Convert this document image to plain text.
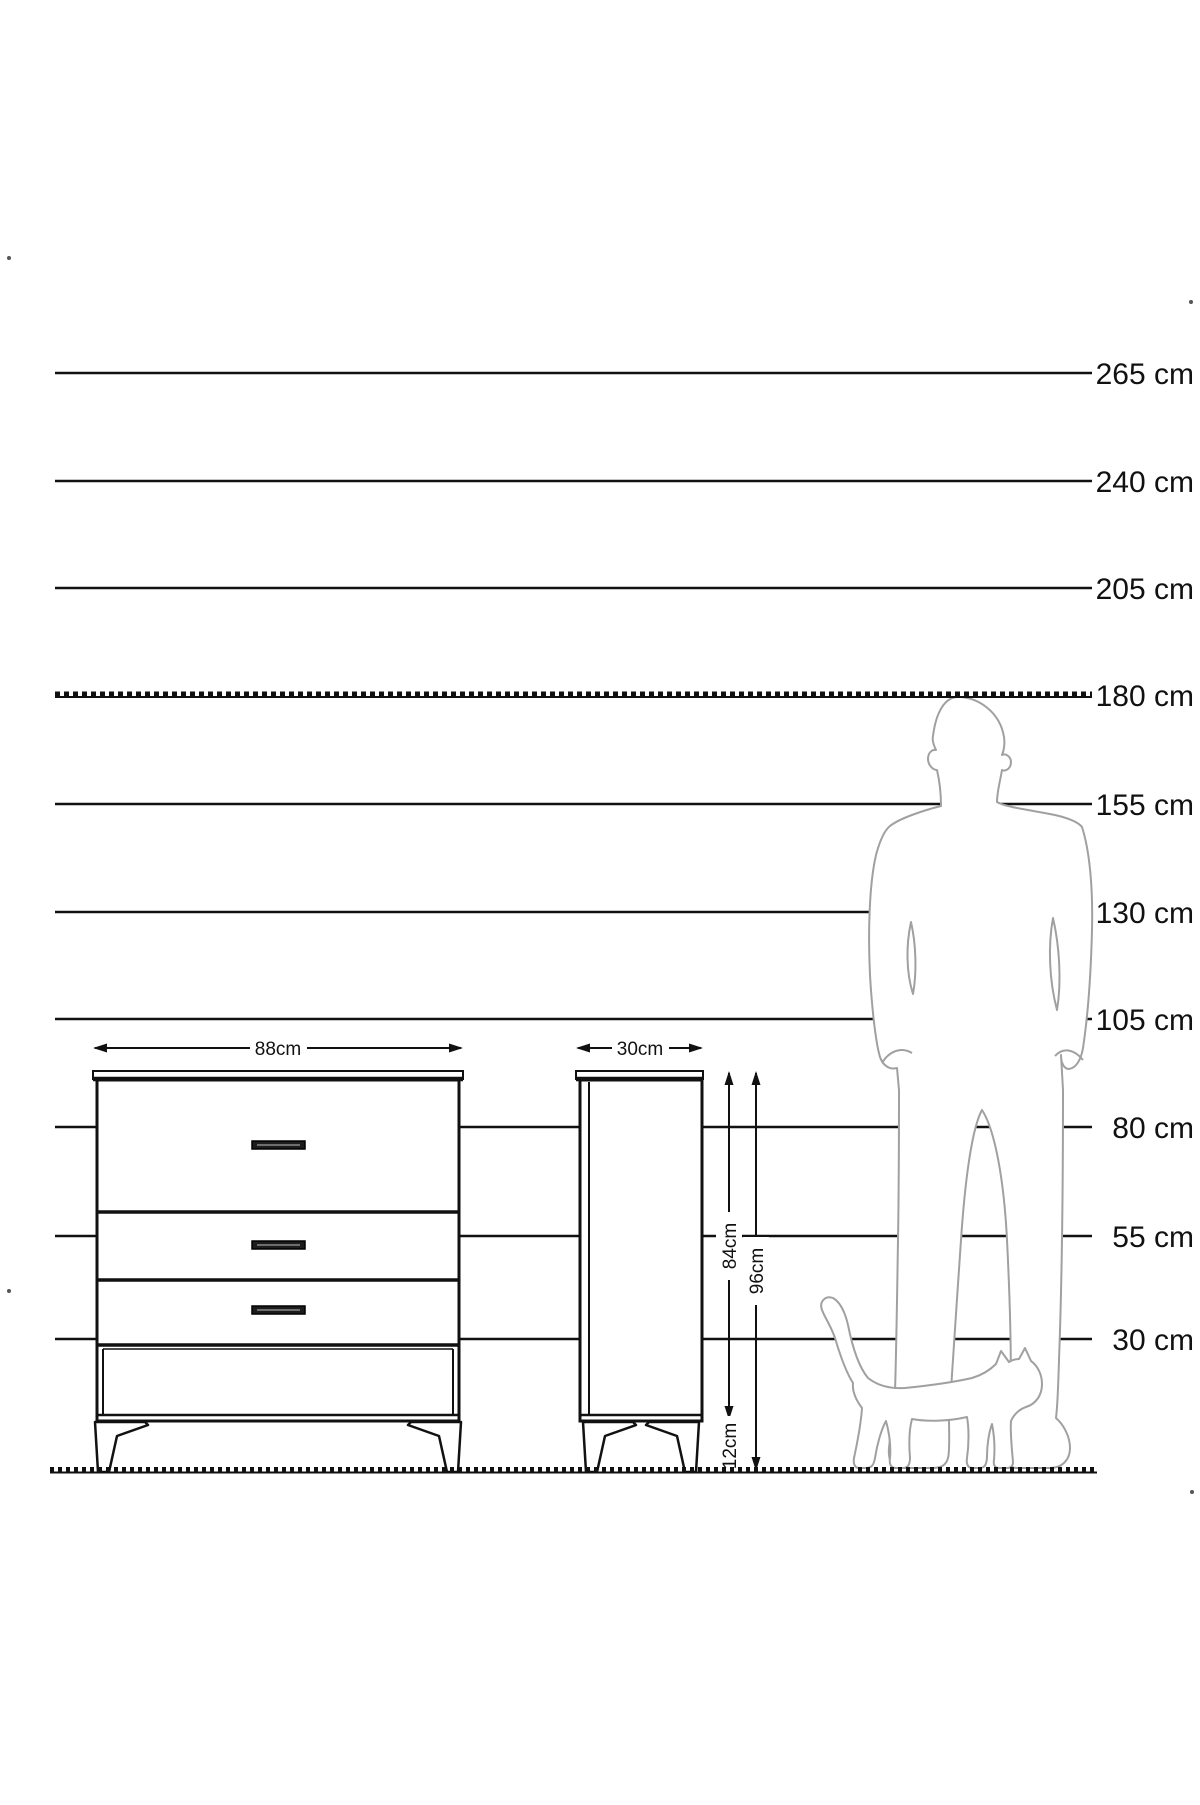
265 cm
240 cm
205 cm
155 cm
130 cm
105 cm
80 cm
55 cm
30 cm
88cm	30cm
84cm
96cm
12cm
180 cm
